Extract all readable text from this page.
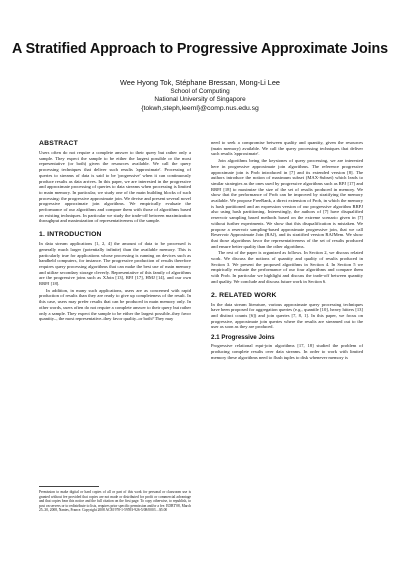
A Stratified Approach to Progressive Approximate Joins
Wee Hyong Tok, Stéphane Bressan, Mong-Li Lee
School of Computing
National University of Singapore
{tokwh,steph,leeml}@comp.nus.edu.sg
ABSTRACT

Users often do not require a complete answer to their query but rather only a sample. They expect the sample to be either the largest possible or the most representative (or both) given the resources available. We call the query processing techniques that deliver such results 'approximate'. Processing of queries to streams of data is said to be 'progressive' when it can continuously produce results as data arrives. In this paper, we are interested in the progressive and approximate processing of queries to data streams when processing is limited to main memory. In particular, we study one of the main building blocks of such processing: the progressive approximate join. We devise and present several novel progressive approximate join algorithms. We empirically evaluate the performance of our algorithms and compare them with those of algorithms based on existing techniques. In particular we study the trade-off between maximization throughput and maximization of representativeness of the sample.

1. INTRODUCTION

In data stream applications [1, 2, 4] the amount of data to be processed is generally much larger (potentially infinite) than the available memory. This is particularly true for applications whose processing is running on devices such as handheld computers, for instance. The progressive production of results therefore requires query processing algorithms that can make the best use of main memory and utilize secondary storage cleverly. Representative of this family of algorithms are the progressive joins such as XJoin [13], RPJ [17], HMJ [14], and our own RRPJ [18].

In addition, in many such applications, users are as concerned with rapid production of results than they are ready to give up completeness of the result. In this case, users may prefer results that can be produced in main memory only. In other words, users often do not require a complete answer to their query but rather only a sample. They expect the sample to be either the largest possible–they favor quantity–, the most representative–they favor quality–or both? They may

Permission to make digital or hard copies of all or part of this work for personal or classroom use is granted without fee provided that copies are not made or distributed for profit or commercial advantage and that copies bear this notice and the full citation on the first page. To copy otherwise, to republish, to post on servers or to redistribute to lists, requires prior specific permission and/or a fee. EDBT'08, March 25–30, 2008, Nantes, France. Copyright 2008 ACM 978-1-59593-926-5/08/0003 ...$5.00

need to seek a compromise between quality and quantity, given the resources (main memory) available. We call the query processing techniques that deliver such results 'approximate'.

Join algorithms being the keystones of query processing, we are interested here in progressive approximate join algorithms. The reference progressive approximate join is Prob introduced in [7] and its extended version [8]. The authors introduce the notion of maximum subset (MAX-Subset) which leads to similar strategies as the ones used by progressive algorithms such as RPJ [17] and RRPJ [18] to maximize the size of the set of results produced in memory. We show that the performance of Prob can be improved by stratifying the memory available. We propose FreeRank, a direct extension of Prob, in which the memory is hash partitioned and an expression version of our progressive algorithm RRPJ also using hash partitioning. Interestingly, the authors of [7] have disqualified reservoir sampling based methods based on the extreme scenario given in [7] without further experiments. We show that this disqualification is mistaken. We propose a reservoir sampling-based approximate progressive join, that we call Reservoir Approximate Join (RAJ), and its stratified version RAJMem. We show that those algorithms favor the representativeness of the set of results produced and ensure better quality than the other algorithms.

The rest of the paper is organized as follows. In Section 2, we discuss related work. We discuss the notions of quantity and quality of results produced in Section 3. We present the proposed algorithms in Section 4. In Section 5 we empirically evaluate the performance of our four algorithms and compare them with Prob. In particular we highlight and discuss the trade-off between quantity and quality. We conclude and discuss future work in Section 6.

2. RELATED WORK

In the data stream literature, various approximate query processing techniques have been proposed for aggregation queries (e.g., quantile [10], heavy hitters [13] and distinct counts [6]) and join queries [7, 8, 1]. In this paper, we focus on progressive, approximate join queries where the results are streamed out to the user as soon as they are produced.

2.1 Progressive Joins

Progressive relational equi-join algorithms [17, 18] studied the problem of producing complete results over data streams. In order to work with limited memory these algorithms need to flush tuples to disk whenever memory is
